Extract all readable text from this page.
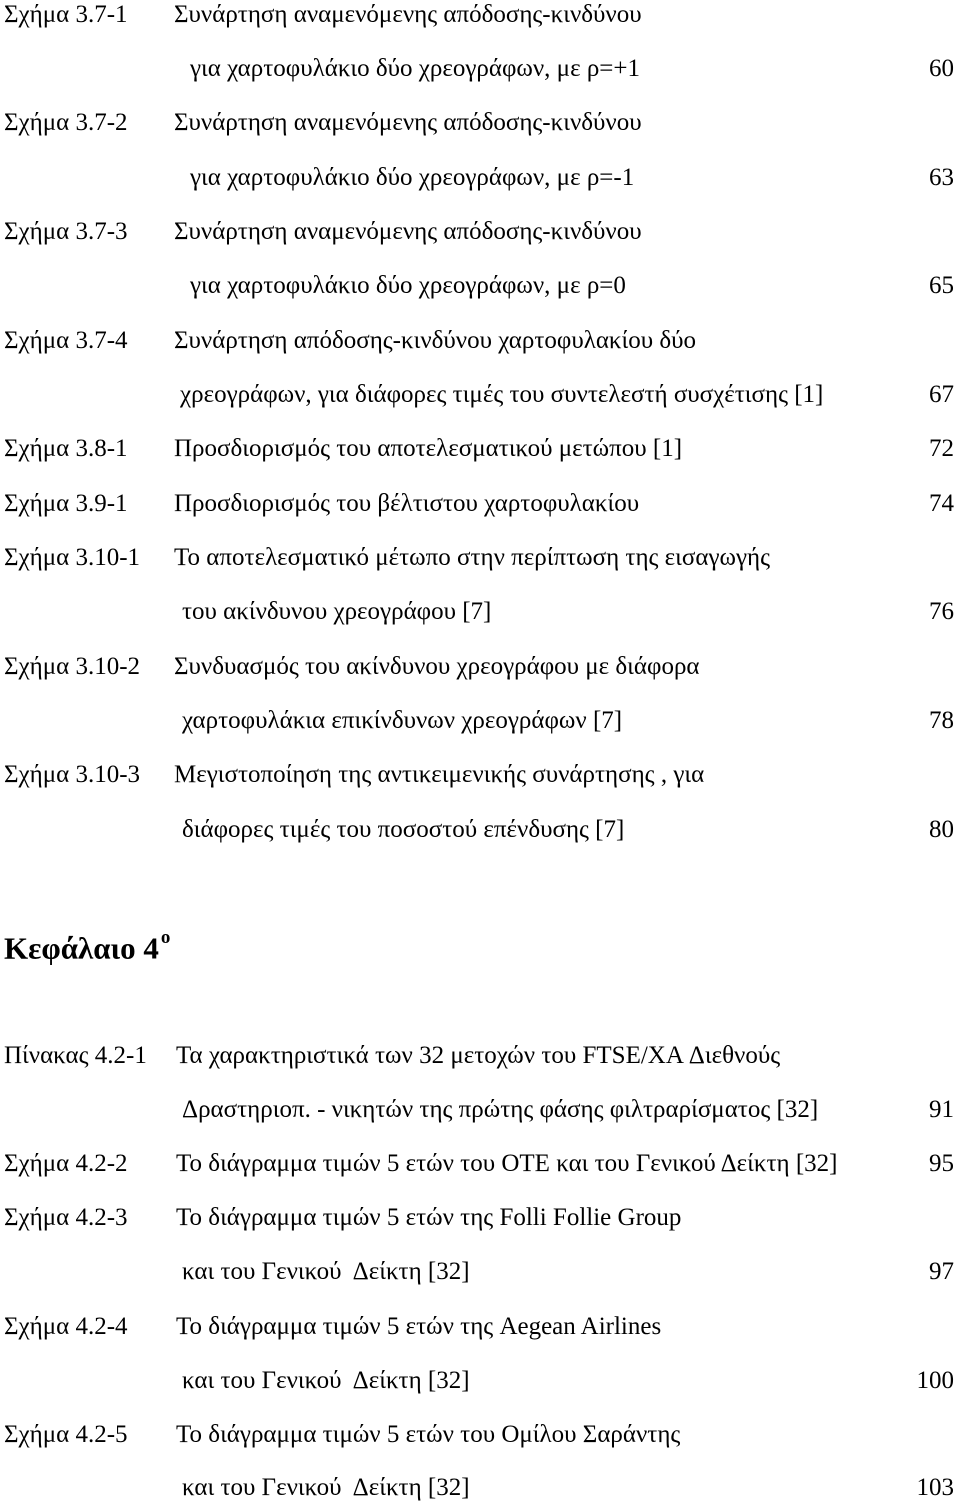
Σχήμα 3.7-1 Συνάρτηση αναμενόμενης απόδοσης-κινδύνου
για χαρτοφυλάκιο δύο χρεογράφων, με ρ=+1	60
Σχήμα 3.7-2 Συνάρτηση αναμενόμενης απόδοσης-κινδύνου
για χαρτοφυλάκιο δύο χρεογράφων, με ρ=-1	63
Σχήμα 3.7-3 Συνάρτηση αναμενόμενης απόδοσης-κινδύνου
για χαρτοφυλάκιο δύο χρεογράφων, με ρ=0	65
Σχήμα 3.7-4 Συνάρτηση απόδοσης-κινδύνου χαρτοφυλακίου δύο
χρεογράφων, για διάφορες τιμές του συντελεστή συσχέτισης [1]	67
Σχήμα 3.8-1 Προσδιορισμός του αποτελεσματικού μετώπου [1]	72
Σχήμα 3.9-1 Προσδιορισμός του βέλτιστου χαρτοφυλακίου	74
Σχήμα 3.10-1 Το αποτελεσματικό μέτωπο στην περίπτωση της εισαγωγής
του ακίνδυνου χρεογράφου [7]	76
Σχήμα 3.10-2 Συνδυασμός του ακίνδυνου χρεογράφου με διάφορα
χαρτοφυλάκια επικίνδυνων χρεογράφων [7]	78
Σχήμα 3.10-3 Μεγιστοποίηση της αντικειμενικής συνάρτησης , για
διάφορες τιμές του ποσοστού επένδυσης [7]	80
Κεφάλαιο 4 $^o$
Πίνακας 4.2-1 Τα χαρακτηριστικά των 32 μετοχών του FTSE/XA Διεθνούς
Δραστηριοπ. - νικητών της πρώτης φάσης φιλτραρίσματος [32]	91
Σχήμα 4.2-2 Το διάγραμμα τιμών 5 ετών του ΟΤΕ και του Γενικού Δείκτη [32]	95
Σχήμα 4.2-3 Το διάγραμμα τιμών 5 ετών της Folli Follie Group
και του Γενικού  Δείκτη [32]	97
Σχήμα 4.2-4 Το διάγραμμα τιμών 5 ετών της Aegean Airlines
και του Γενικού  Δείκτη [32]	100
Σχήμα 4.2-5 Το διάγραμμα τιμών 5 ετών του Ομίλου Σαράντης
και του Γενικού  Δείκτη [32]	103
